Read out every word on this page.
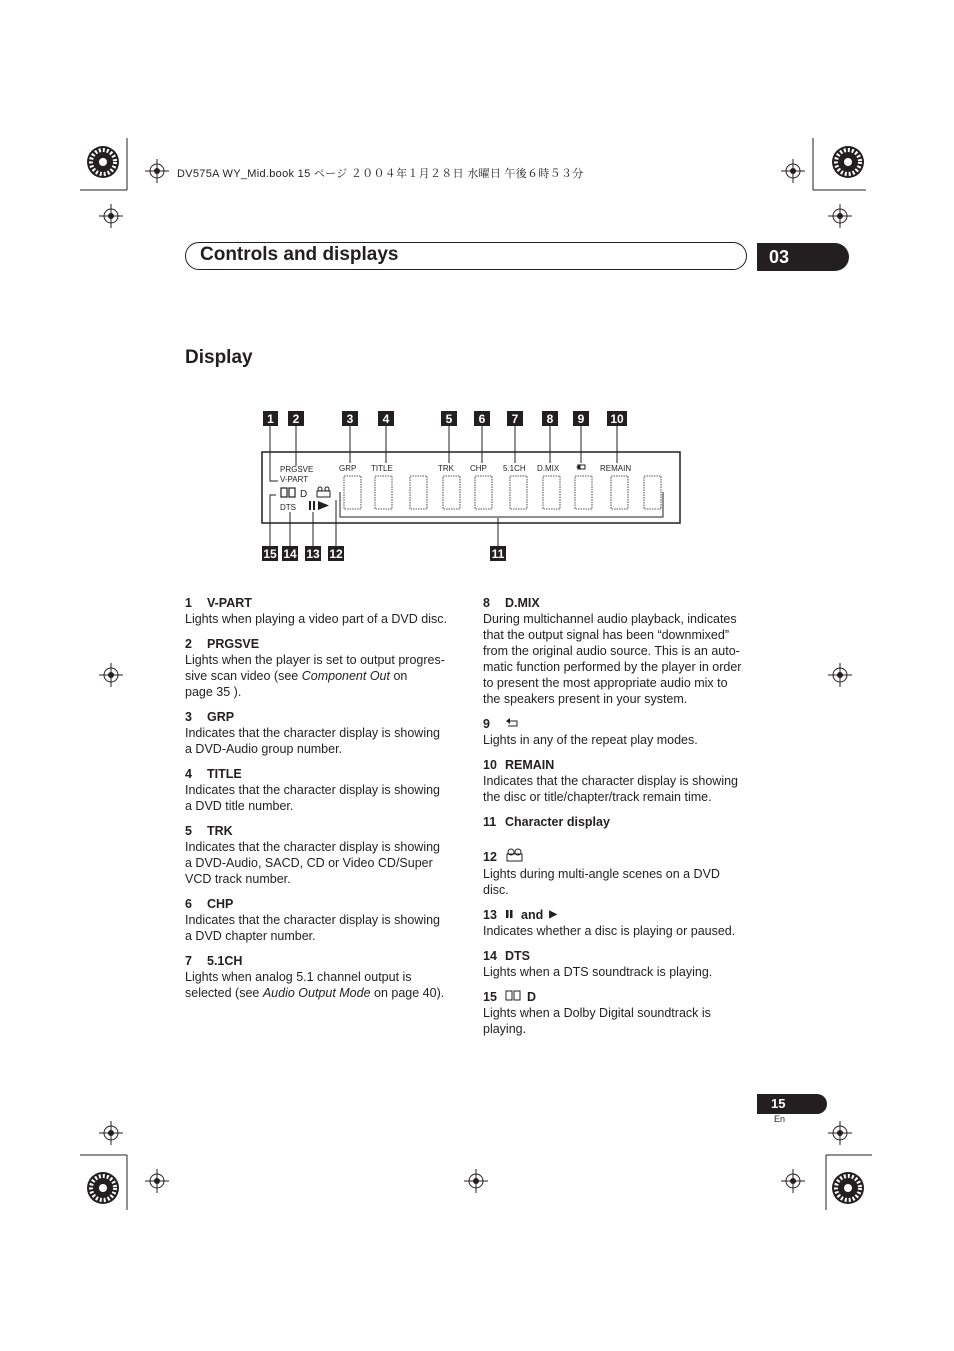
DV575A WY_Mid.book 15 ページ ２００４年１月２８日 水曜日 午後６時５３分
Controls and displays	03
Display
1 2	3 4	5 6 7 8 9 10
15 14 13 12	11
PRGSVE
V-PART
GRP TITLE	TRK CHP 5.1CH D.MIX	REMAIN
DTS
D
1	V-PART
Lights when playing a video part of a DVD disc.
2	PRGSVE
Lights when the player is set to output progres-
sive scan video (see Component Out on
page 35 ).
3	GRP
Indicates that the character display is showing
a DVD-Audio group number.
4	TITLE
Indicates that the character display is showing
a DVD title number.
5	TRK
Indicates that the character display is showing
a DVD-Audio, SACD, CD or Video CD/Super
VCD track number.
6	CHP
Indicates that the character display is showing
a DVD chapter number.
7	5.1CH
Lights when analog 5.1 channel output is
selected (see Audio Output Mode on page 40).
8	D.MIX
During multichannel audio playback, indicates
that the output signal has been “downmixed”
from the original audio source. This is an auto-
matic function performed by the player in order
to present the most appropriate audio mix to
the speakers present in your system.
9
Lights in any of the repeat play modes.
10 REMAIN
Indicates that the character display is showing
the disc or title/chapter/track remain time.
11 Character display
12
Lights during multi-angle scenes on a DVD
disc.
13 and ▶
Indicates whether a disc is playing or paused.
14 DTS
Lights when a DTS soundtrack is playing.
15 D
Lights when a Dolby Digital soundtrack is
playing.
15
En
